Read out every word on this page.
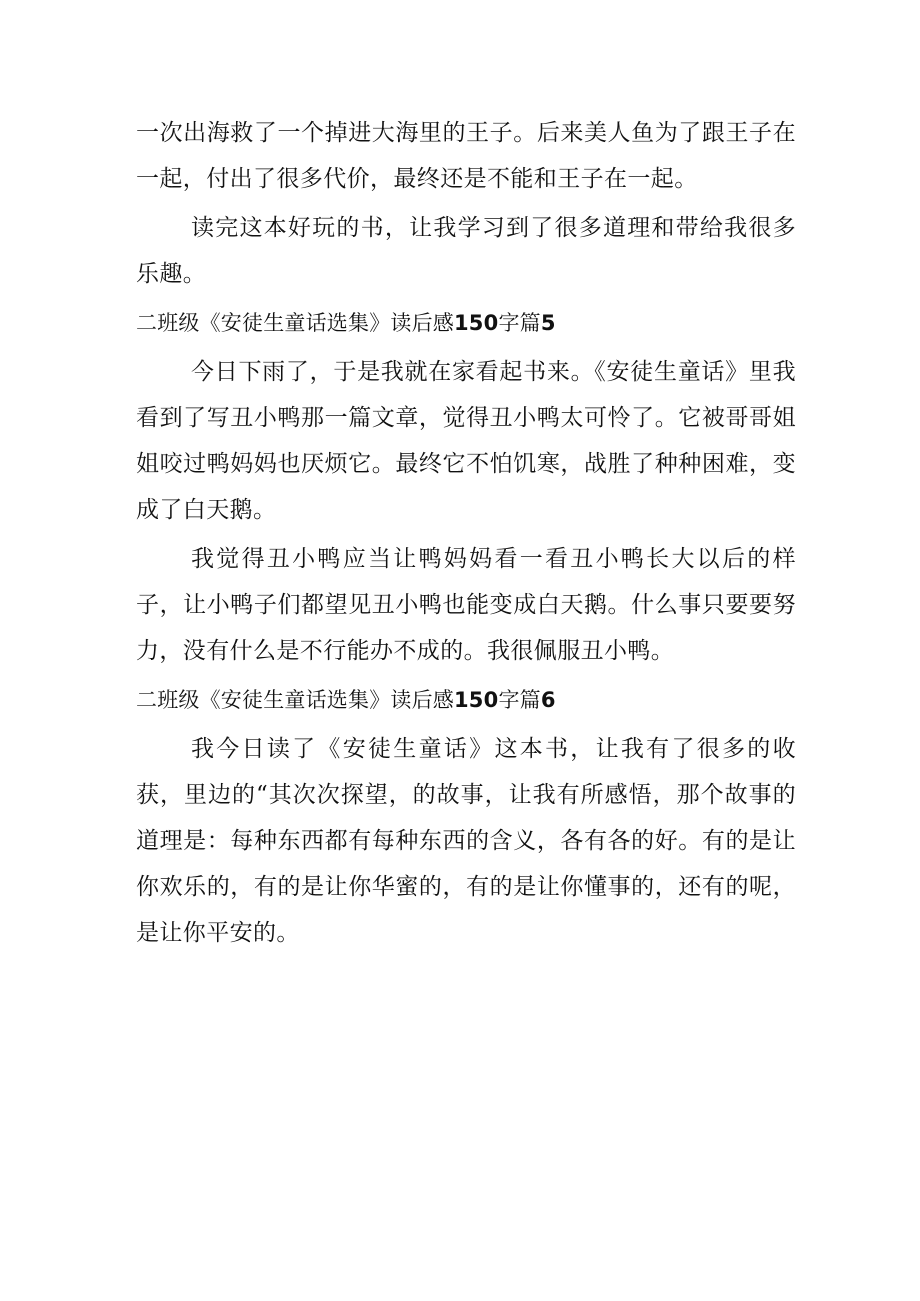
一次出海救了一个掉进大海里的王子。后来美人鱼为了跟王子在一起，付出了很多代价，最终还是不能和王子在一起。

读完这本好玩的书，让我学习到了很多道理和带给我很多乐趣。

二班级《安徒生童话选集》读后感150字篇5

今日下雨了，于是我就在家看起书来。《安徒生童话》里我看到了写丑小鸭那一篇文章，觉得丑小鸭太可怜了。它被哥哥姐姐咬过鸭妈妈也厌烦它。最终它不怕饥寒，战胜了种种困难，变成了白天鹅。

我觉得丑小鸭应当让鸭妈妈看一看丑小鸭长大以后的样子，让小鸭子们都望见丑小鸭也能变成白天鹅。什么事只要要努力，没有什么是不行能办不成的。我很佩服丑小鸭。

二班级《安徒生童话选集》读后感150字篇6

我今日读了《安徒生童话》这本书，让我有了很多的收获，里边的“其次次探望，的故事，让我有所感悟，那个故事的道理是：每种东西都有每种东西的含义，各有各的好。有的是让你欢乐的，有的是让你华蜜的，有的是让你懂事的，还有的呢，是让你平安的。
